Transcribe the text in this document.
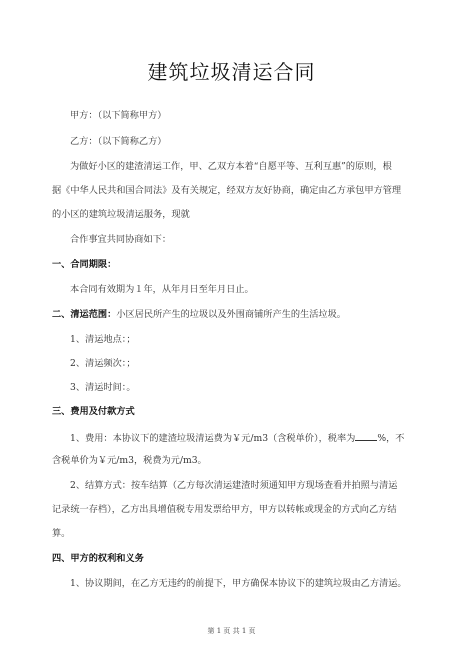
建筑垃圾清运合同
甲方：（以下简称甲方）
乙方：（以下简称乙方）
为做好小区的建渣清运工作，甲、乙双方本着“自愿平等、互利互惠”的原则，根
据《中华人民共和国合同法》及有关规定，经双方友好协商，确定由乙方承包甲方管理
的小区的建筑垃圾清运服务，现就
合作事宜共同协商如下：
一、合同期限：
本合同有效期为１年，从年月日至年月日止。
二、清运范围：小区居民所产生的垃圾以及外围商铺所产生的生活垃圾。
1、清运地点：；
2、清运频次：；
3、清运时间：。
三、费用及付款方式
1、费用：本协议下的建渣垃圾清运费为￥元/m3（含税单价），税率为 %，不
含税单价为￥元/m3，税费为元/m3。
2、结算方式：按车结算（乙方每次清运建渣时须通知甲方现场查看并拍照与清运
记录统一存档），乙方出具增值税专用发票给甲方，甲方以转帐或现金的方式向乙方结
算。
四、甲方的权利和义务
1、协议期间，在乙方无违约的前提下，甲方确保本协议下的建筑垃圾由乙方清运。
第 1 页 共 1 页
